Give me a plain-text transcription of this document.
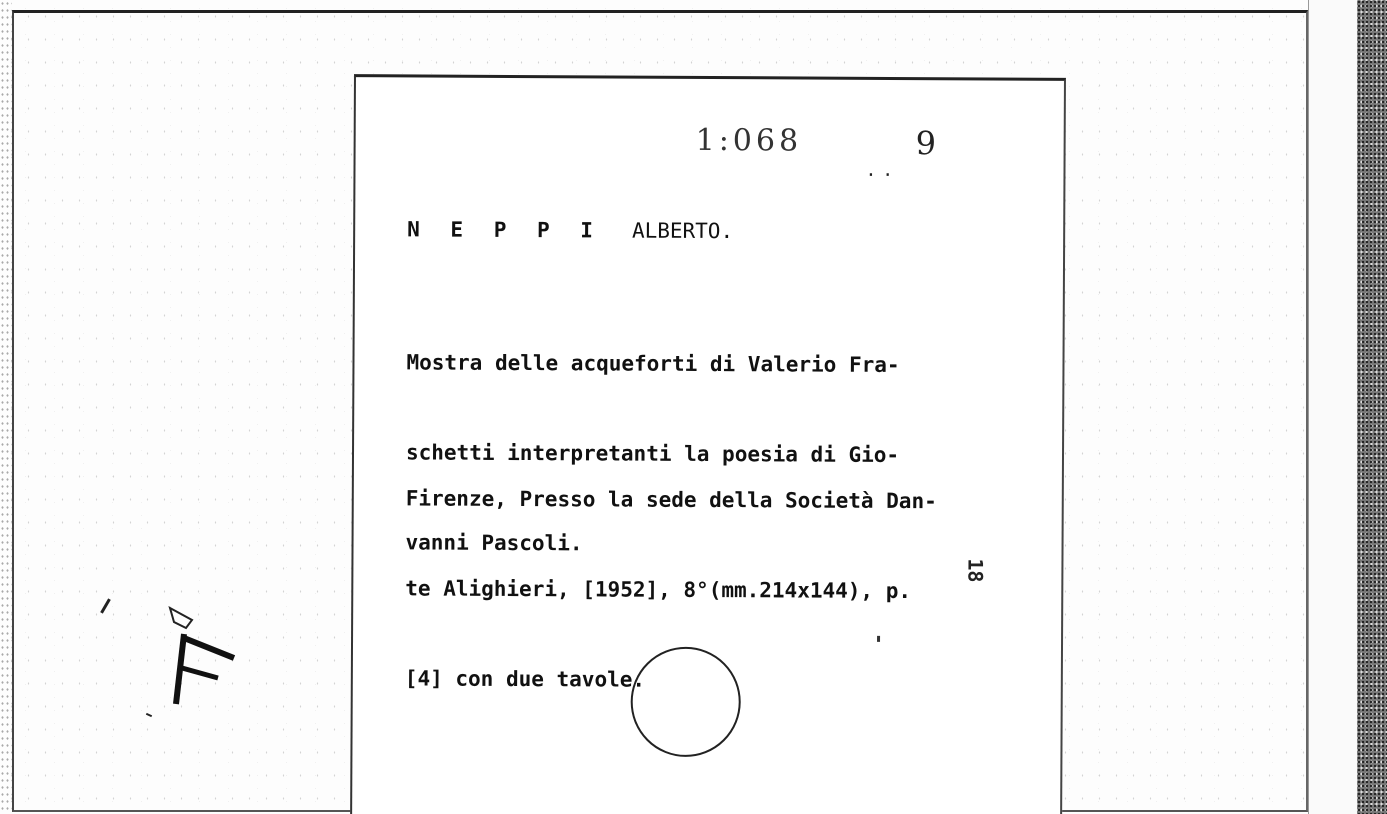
1:068	9
..
N E P P I ALBERTO.

Mostra delle acqueforti di Valerio Fra-

schetti interpretanti la poesia di Gio-

vanni Pascoli.

Firenze, Presso la sede della Società Dan-

te Alighieri, [1952], 8°(mm.214x144), p.

[4] con due tavole.

18
